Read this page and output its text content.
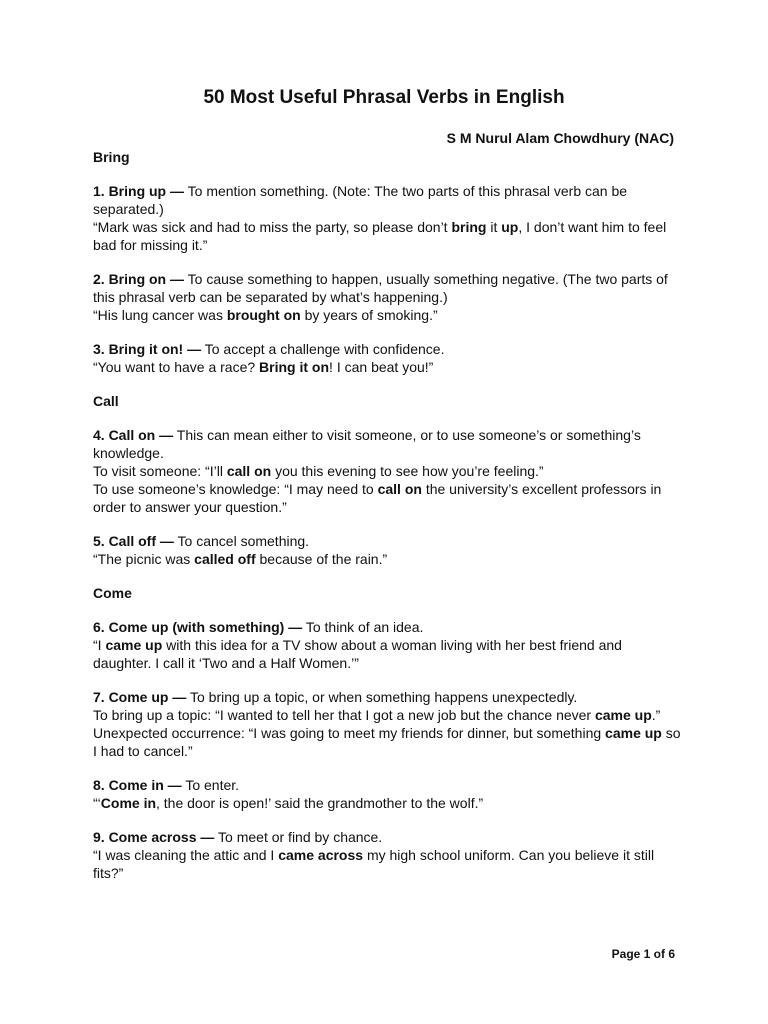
50 Most Useful Phrasal Verbs in English
S M Nurul Alam Chowdhury (NAC)
Bring

1. Bring up — To mention something. (Note: The two parts of this phrasal verb can be separated.)

“Mark was sick and had to miss the party, so please don’t bring it up, I don’t want him to feel bad for missing it.”

2. Bring on — To cause something to happen, usually something negative. (The two parts of this phrasal verb can be separated by what’s happening.)

“His lung cancer was brought on by years of smoking.”

3. Bring it on! — To accept a challenge with confidence.

“You want to have a race? Bring it on! I can beat you!”

Call

4. Call on — This can mean either to visit someone, or to use someone’s or something’s knowledge.

To visit someone: “I’ll call on you this evening to see how you’re feeling.”

To use someone’s knowledge: “I may need to call on the university’s excellent professors in order to answer your question.”

5. Call off — To cancel something.

“The picnic was called off because of the rain.”

Come

6. Come up (with something) — To think of an idea.

“I came up with this idea for a TV show about a woman living with her best friend and daughter. I call it ‘Two and a Half Women.’”

7. Come up — To bring up a topic, or when something happens unexpectedly.

To bring up a topic: “I wanted to tell her that I got a new job but the chance never came up.”

Unexpected occurrence: “I was going to meet my friends for dinner, but something came up so I had to cancel.”

8. Come in — To enter.

“‘Come in, the door is open!’ said the grandmother to the wolf.”

9. Come across — To meet or find by chance.

“I was cleaning the attic and I came across my high school uniform. Can you believe it still fits?”

Page 1 of 6
